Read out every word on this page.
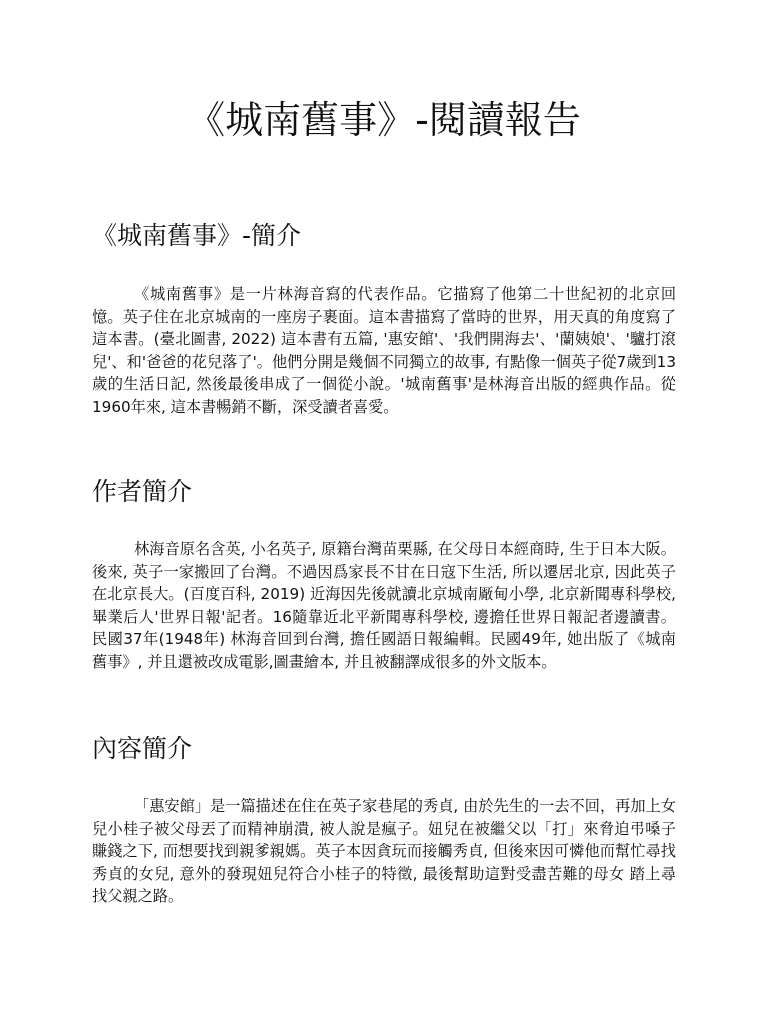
《城南舊事》-閱讀報告
《城南舊事》-簡介

《城南舊事》是一片林海音寫的代表作品。它描寫了他第二十世紀初的北京回憶。英子住在北京城南的一座房子裹面。這本書描寫了當時的世界，用天真的角度寫了這本書。(臺北圖書, 2022) 這本書有五篇, '惠安館'、'我們開海去'、'蘭姨娘'、'驢打滾兒'、和'爸爸的花兒落了'。他們分開是幾個不同獨立的故事, 有點像一個英子從7歲到13歲的生活日記, 然後最後串成了一個從小說。'城南舊事'是林海音出版的經典作品。從1960年來, 這本書暢銷不斷，深受讀者喜愛。

作者簡介

林海音原名含英, 小名英子, 原籍台灣苗栗縣, 在父母日本經商時, 生于日本大阪。後來, 英子一家搬回了台灣。不過因爲家長不甘在日寇下生活, 所以遷居北京, 因此英子在北京長大。(百度百科, 2019) 近海因先後就讀北京城南厰甸小學, 北京新聞專科學校, 畢業后人'世界日報'記者。16隨靠近北平新聞專科學校, 邊擔任世界日報記者邊讀書。民國37年(1948年) 林海音回到台灣, 擔任國語日報編輯。民國49年, 她出版了《城南舊事》, 并且還被改成電影,圖畫繪本, 并且被翻譯成很多的外文版本。

內容簡介

「惠安館」是一篇描述在住在英子家巷尾的秀貞, 由於先生的一去不回，再加上女兒小桂子被父母丟了而精神崩潰, 被人說是瘋子。妞兒在被繼父以「打」來脅迫弔嗓子賺錢之下, 而想要找到親爹親媽。英子本因貪玩而接觸秀貞, 但後來因可憐他而幫忙尋找秀貞的女兒, 意外的發現妞兒符合小桂子的特徵, 最後幫助這對受盡苦難的母女 踏上尋找父親之路。
